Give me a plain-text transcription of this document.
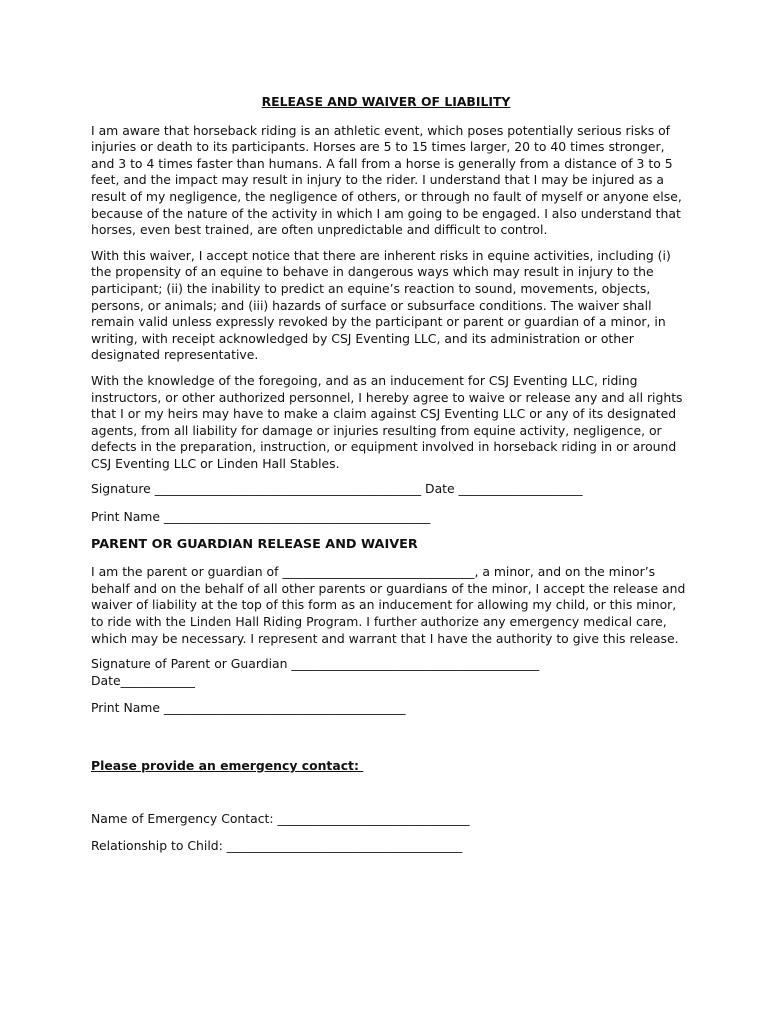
RELEASE AND WAIVER OF LIABILITY

I am aware that horseback riding is an athletic event, which poses potentially serious risks of injuries or death to its participants. Horses are 5 to 15 times larger, 20 to 40 times stronger, and 3 to 4 times faster than humans. A fall from a horse is generally from a distance of 3 to 5 feet, and the impact may result in injury to the rider. I understand that I may be injured as a result of my negligence, the negligence of others, or through no fault of myself or anyone else, because of the nature of the activity in which I am going to be engaged. I also understand that horses, even best trained, are often unpredictable and difficult to control.

With this waiver, I accept notice that there are inherent risks in equine activities, including (i) the propensity of an equine to behave in dangerous ways which may result in injury to the participant; (ii) the inability to predict an equine’s reaction to sound, movements, objects, persons, or animals; and (iii) hazards of surface or subsurface conditions. The waiver shall remain valid unless expressly revoked by the participant or parent or guardian of a minor, in writing, with receipt acknowledged by CSJ Eventing LLC, and its administration or other designated representative.

With the knowledge of the foregoing, and as an inducement for CSJ Eventing LLC, riding instructors, or other authorized personnel, I hereby agree to waive or release any and all rights that I or my heirs may have to make a claim against CSJ Eventing LLC or any of its designated agents, from all liability for damage or injuries resulting from equine activity, negligence, or defects in the preparation, instruction, or equipment involved in horseback riding in or around CSJ Eventing LLC or Linden Hall Stables.

Signature ___________________________________________ Date ____________________
Print Name ___________________________________________
PARENT OR GUARDIAN RELEASE AND WAIVER

I am the parent or guardian of _______________________________, a minor, and on the minor’s behalf and on the behalf of all other parents or guardians of the minor, I accept the release and waiver of liability at the top of this form as an inducement for allowing my child, or this minor, to ride with the Linden Hall Riding Program. I further authorize any emergency medical care, which may be necessary. I represent and warrant that I have the authority to give this release.

Signature of Parent or Guardian ________________________________________
Date____________
Print Name _______________________________________
Please provide an emergency contact:
Name of Emergency Contact: _______________________________
Relationship to Child: ______________________________________
